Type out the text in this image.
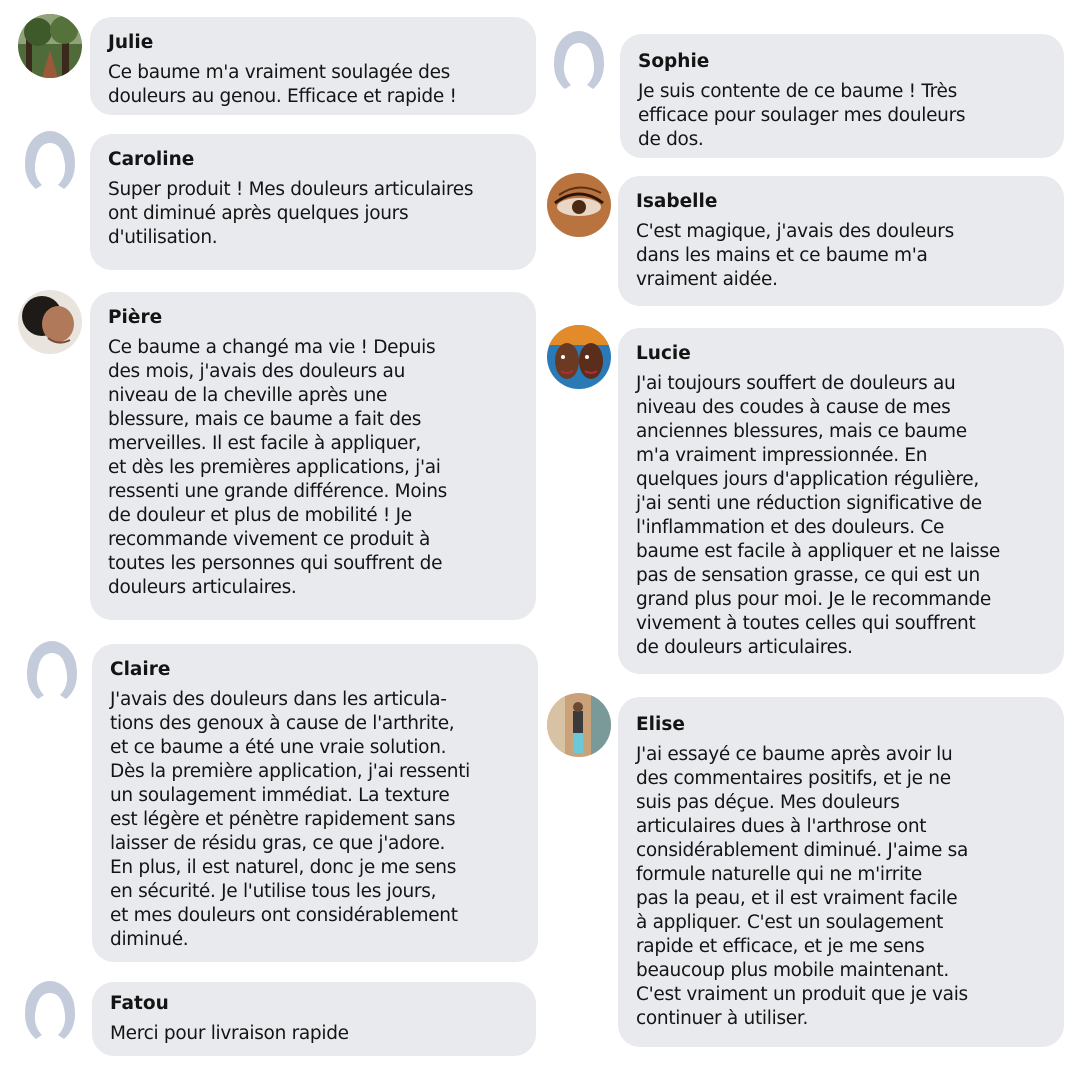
Julie
Ce baume m'a vraiment soulagée des
douleurs au genou. Efficace et rapide !
Caroline
Super produit ! Mes douleurs articulaires
ont diminué après quelques jours
d'utilisation.
Pière
Ce baume a changé ma vie ! Depuis
des mois, j'avais des douleurs au
niveau de la cheville après une
blessure, mais ce baume a fait des
merveilles. Il est facile à appliquer,
et dès les premières applications, j'ai
ressenti une grande différence. Moins
de douleur et plus de mobilité ! Je
recommande vivement ce produit à
toutes les personnes qui souffrent de
douleurs articulaires.
Claire
J'avais des douleurs dans les articula-
tions des genoux à cause de l'arthrite,
et ce baume a été une vraie solution.
Dès la première application, j'ai ressenti
un soulagement immédiat. La texture
est légère et pénètre rapidement sans
laisser de résidu gras, ce que j'adore.
En plus, il est naturel, donc je me sens
en sécurité. Je l'utilise tous les jours,
et mes douleurs ont considérablement
diminué.
Fatou
Merci pour livraison rapide
Sophie
Je suis contente de ce baume ! Très
efficace pour soulager mes douleurs
de dos.
Isabelle
C'est magique, j'avais des douleurs
dans les mains et ce baume m'a
vraiment aidée.
Lucie
J'ai toujours souffert de douleurs au
niveau des coudes à cause de mes
anciennes blessures, mais ce baume
m'a vraiment impressionnée. En
quelques jours d'application régulière,
j'ai senti une réduction significative de
l'inflammation et des douleurs. Ce
baume est facile à appliquer et ne laisse
pas de sensation grasse, ce qui est un
grand plus pour moi. Je le recommande
vivement à toutes celles qui souffrent
de douleurs articulaires.
Elise
J'ai essayé ce baume après avoir lu
des commentaires positifs, et je ne
suis pas déçue. Mes douleurs
articulaires dues à l'arthrose ont
considérablement diminué. J'aime sa
formule naturelle qui ne m'irrite
pas la peau, et il est vraiment facile
à appliquer. C'est un soulagement
rapide et efficace, et je me sens
beaucoup plus mobile maintenant.
C'est vraiment un produit que je vais
continuer à utiliser.
